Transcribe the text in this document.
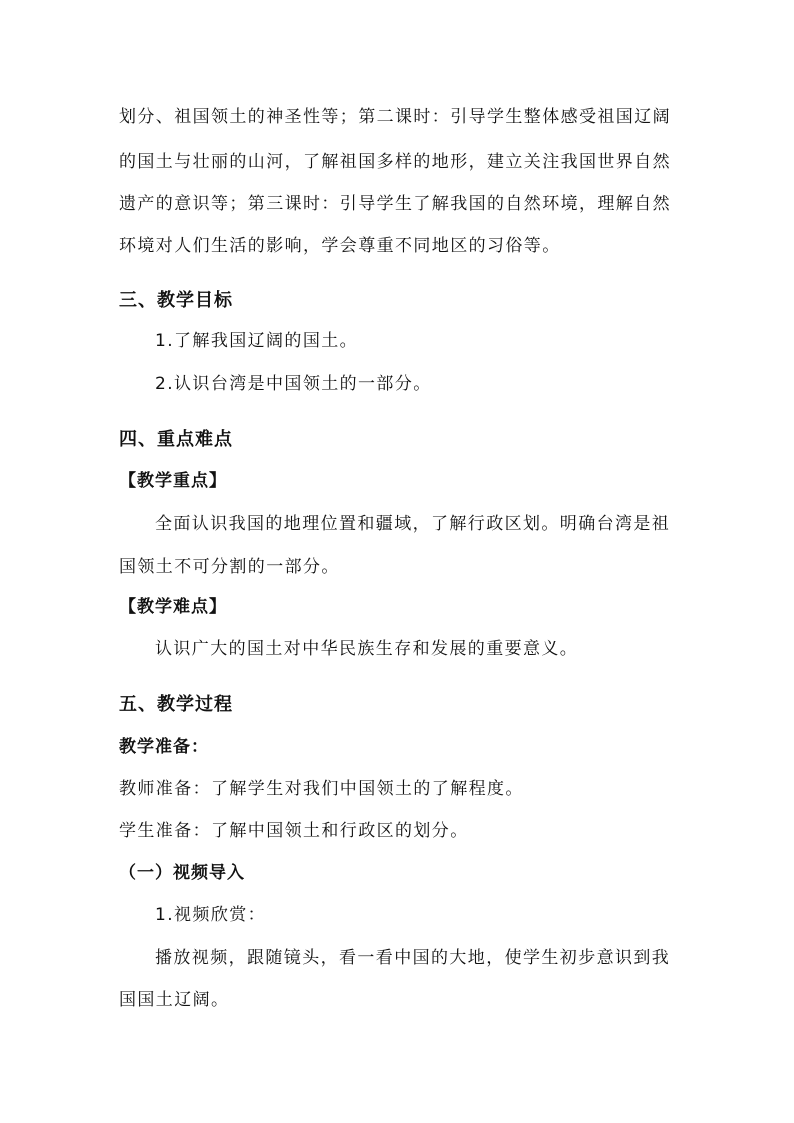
划分、祖国领土的神圣性等；第二课时：引导学生整体感受祖国辽阔
的国土与壮丽的山河，了解祖国多样的地形，建立关注我国世界自然
遗产的意识等；第三课时：引导学生了解我国的自然环境，理解自然
环境对人们生活的影响，学会尊重不同地区的习俗等。
三、教学目标
1.了解我国辽阔的国土。
2.认识台湾是中国领土的一部分。
四、重点难点
【教学重点】
全面认识我国的地理位置和疆域，了解行政区划。明确台湾是祖
国领土不可分割的一部分。
【教学难点】
认识广大的国土对中华民族生存和发展的重要意义。
五、教学过程
教学准备：
教师准备：了解学生对我们中国领土的了解程度。
学生准备：了解中国领土和行政区的划分。
（一）视频导入
1.视频欣赏：
播放视频，跟随镜头，看一看中国的大地，使学生初步意识到我
国国土辽阔。
